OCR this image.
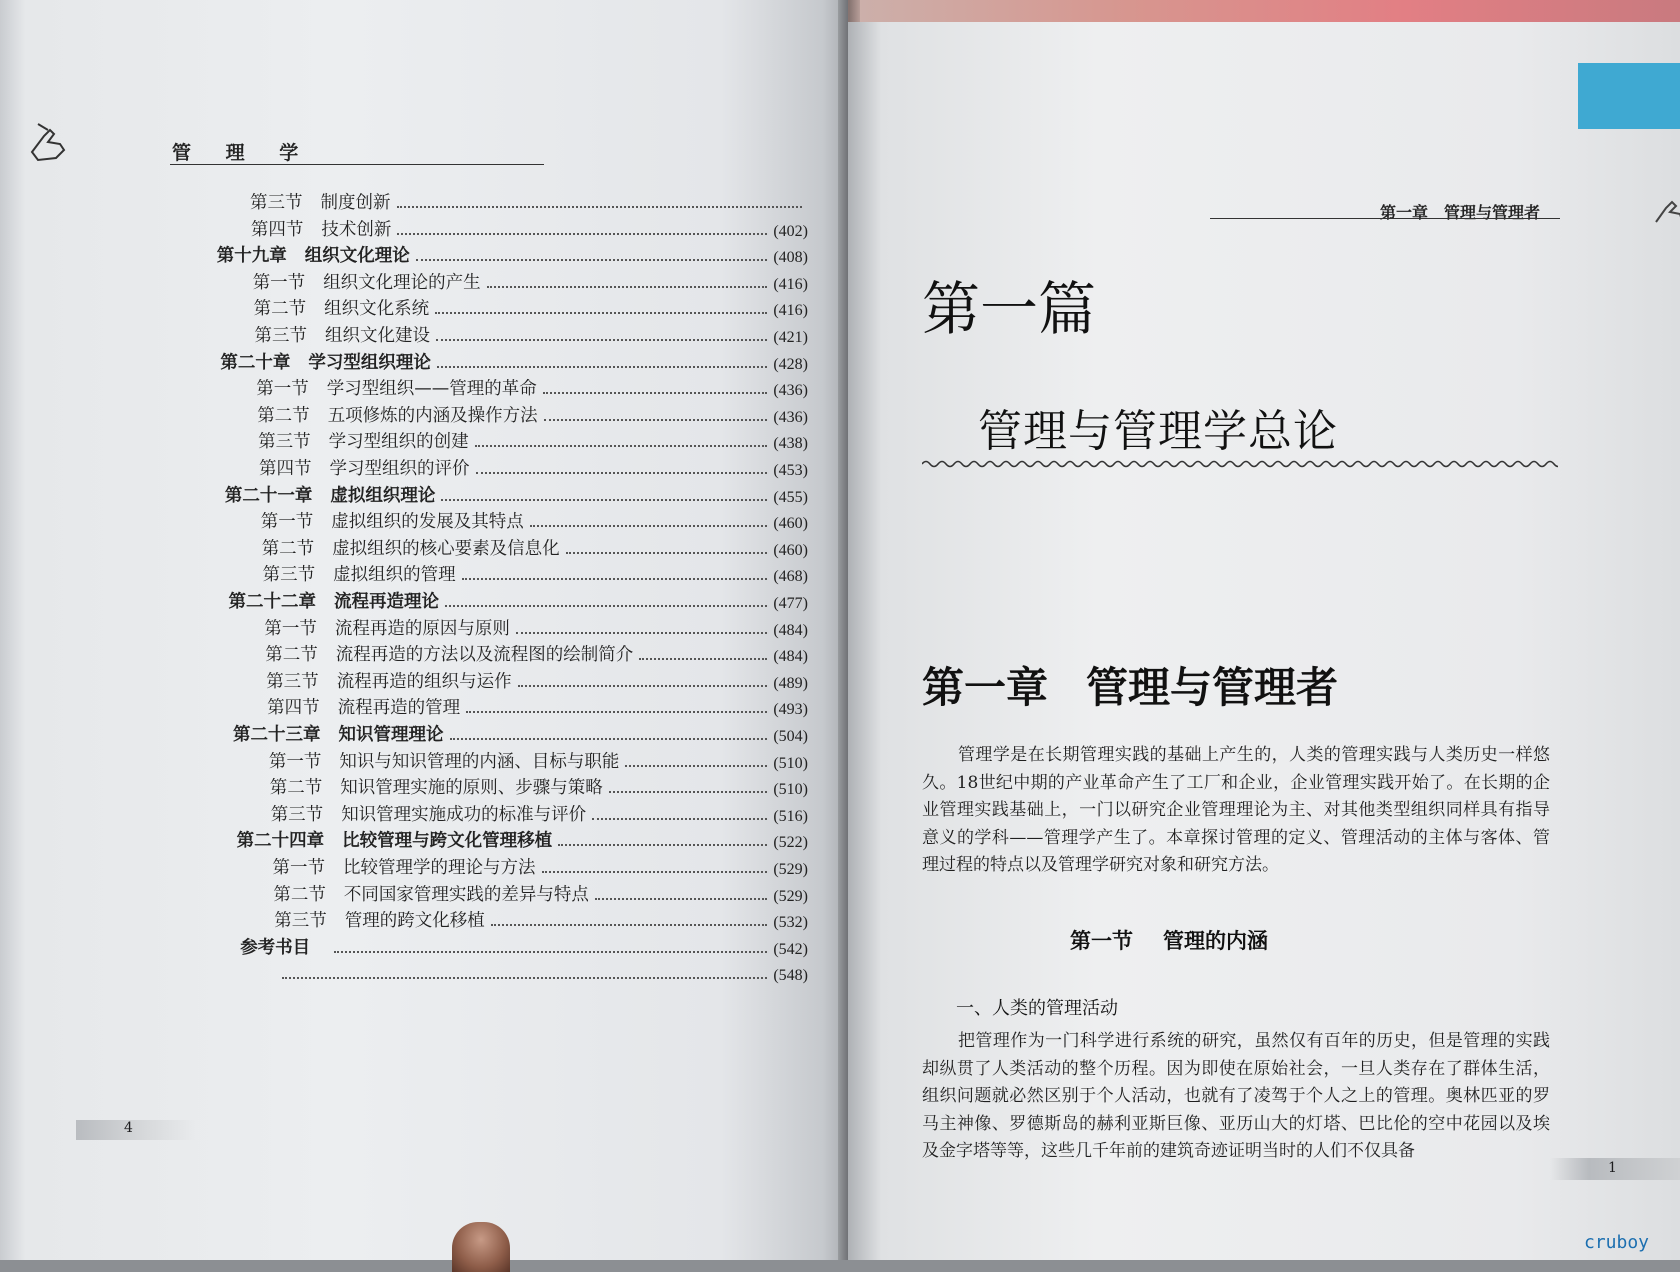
管 理 学
第三节 制度创新
第四节 技术创新	(402)
第十九章 组织文化理论	(408)
第一节 组织文化理论的产生	(416)
第二节 组织文化系统	(416)
第三节 组织文化建设	(421)
第二十章 学习型组织理论	(428)
第一节 学习型组织——管理的革命	(436)
第二节 五项修炼的内涵及操作方法	(436)
第三节 学习型组织的创建	(438)
第四节 学习型组织的评价	(453)
第二十一章 虚拟组织理论	(455)
第一节 虚拟组织的发展及其特点	(460)
第二节 虚拟组织的核心要素及信息化	(460)
第三节 虚拟组织的管理	(468)
第二十二章 流程再造理论	(477)
第一节 流程再造的原因与原则	(484)
第二节 流程再造的方法以及流程图的绘制简介	(484)
第三节 流程再造的组织与运作	(489)
第四节 流程再造的管理	(493)
第二十三章 知识管理理论	(504)
第一节 知识与知识管理的内涵、目标与职能	(510)
第二节 知识管理实施的原则、步骤与策略	(510)
第三节 知识管理实施成功的标准与评价	(516)
第二十四章 比较管理与跨文化管理移植	(522)
第一节 比较管理学的理论与方法	(529)
第二节 不同国家管理实践的差异与特点	(529)
第三节 管理的跨文化移植	(532)
参考书目	(542)
(548)
4
第一章　管理与管理者
第一篇
管理与管理学总论
第一章 管理与管理者
管理学是在长期管理实践的基础上产生的，人类的管理实践与人类历史一样悠久。18世纪中期的产业革命产生了工厂和企业，企业管理实践开始了。在长期的企业管理实践基础上，一门以研究企业管理理论为主、对其他类型组织同样具有指导意义的学科——管理学产生了。本章探讨管理的定义、管理活动的主体与客体、管理过程的特点以及管理学研究对象和研究方法。
第一节 管理的内涵
一、人类的管理活动
把管理作为一门科学进行系统的研究，虽然仅有百年的历史，但是管理的实践却纵贯了人类活动的整个历程。因为即使在原始社会，一旦人类存在了群体生活，组织问题就必然区别于个人活动，也就有了凌驾于个人之上的管理。奥林匹亚的罗马主神像、罗德斯岛的赫利亚斯巨像、亚历山大的灯塔、巴比伦的空中花园以及埃及金字塔等等，这些几千年前的建筑奇迹证明当时的人们不仅具备
1
cruboy
